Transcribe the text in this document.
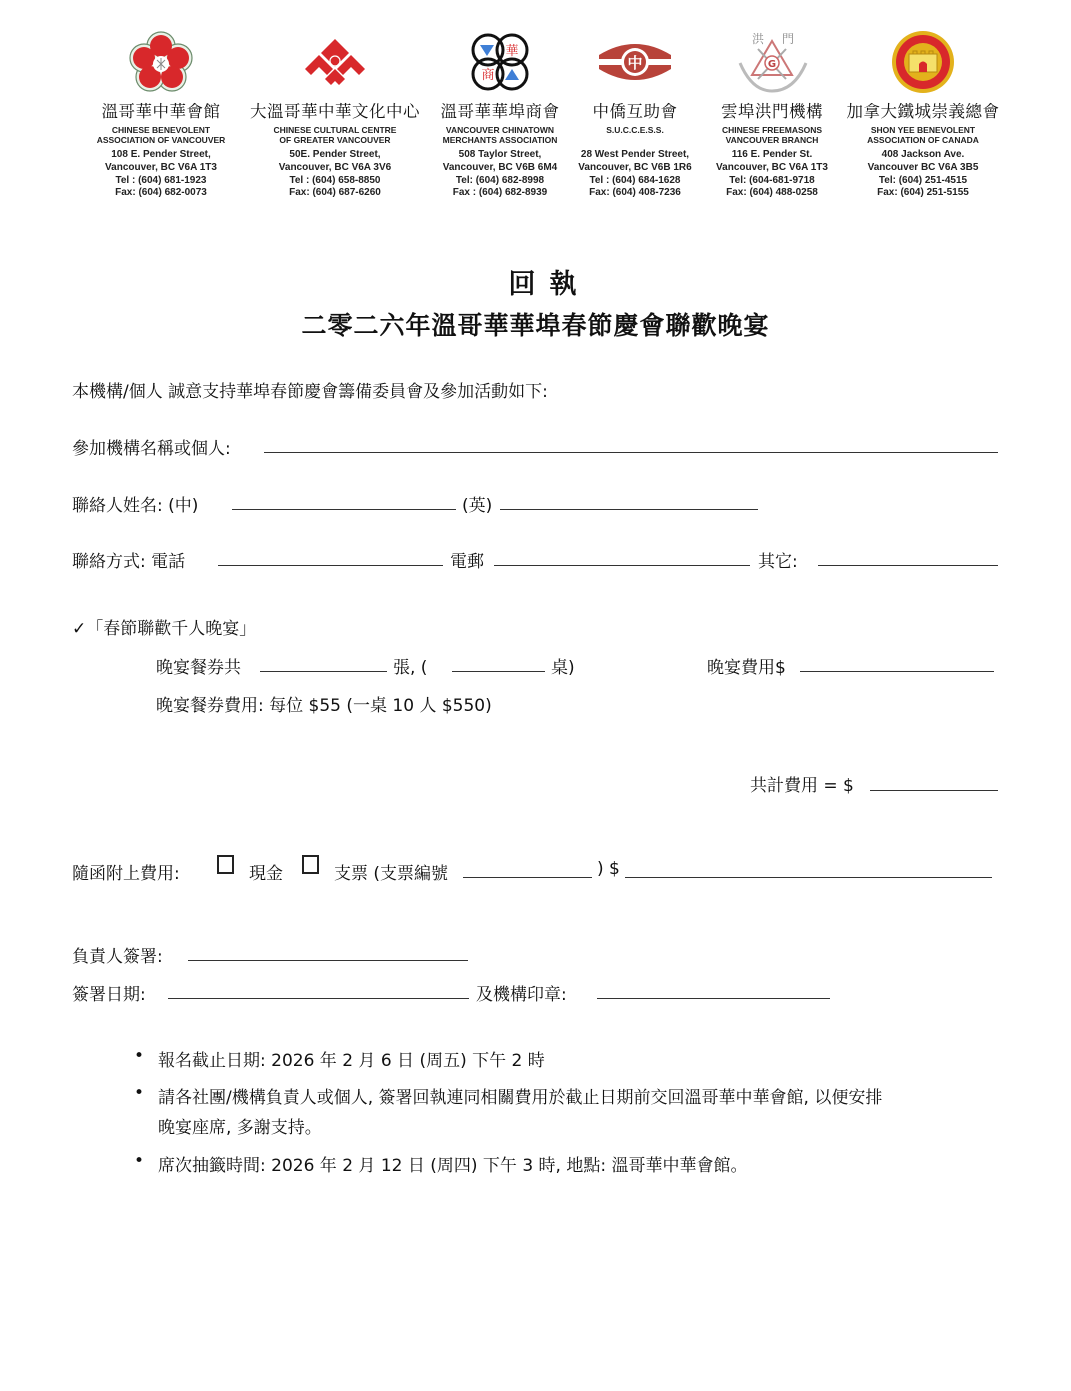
溫哥華中華會館
CHINESE BENEVOLENT
ASSOCIATION OF VANCOUVER
108 E. Pender Street,
Vancouver, BC V6A 1T3
Tel : (604) 681-1923
Fax: (604) 682-0073
大溫哥華中華文化中心
CHINESE CULTURAL CENTRE
OF GREATER VANCOUVER
50E. Pender Street,
Vancouver, BC V6A 3V6
Tel : (604) 658-8850
Fax: (604) 687-6260
華
商
溫哥華華埠商會
VANCOUVER CHINATOWN
MERCHANTS ASSOCIATION
508 Taylor Street,
Vancouver, BC V6B 6M4
Tel: (604) 682-8998
Fax : (604) 682-8939
中
中僑互助會
S.U.C.C.E.S.S.
28 West Pender Street,
Vancouver, BC V6B 1R6
Tel : (604) 684-1628
Fax: (604) 408-7236
洪 門
G
雲埠洪門機構
CHINESE FREEMASONS
VANCOUVER BRANCH
116 E. Pender St.
Vancouver, BC V6A 1T3
Tel: (604-681-9718
Fax: (604) 488-0258
加拿大鐵城崇義總會
SHON YEE BENEVOLENT
ASSOCIATION OF CANADA
408 Jackson Ave.
Vancouver BC V6A 3B5
Tel: (604) 251-4515
Fax: (604) 251-5155
回執
二零二六年溫哥華華埠春節慶會聯歡晚宴
本機構/個人 誠意支持華埠春節慶會籌備委員會及參加活動如下:
參加機構名稱或個人:
聯絡人姓名: (中)	(英)
聯絡方式: 電話	電郵	其它:
✓「春節聯歡千人晚宴」
晚宴餐券共	張, (	桌)	晚宴費用$
晚宴餐券費用: 每位 $55 (一桌 10 人 $550)
共計費用 = $
隨函附上費用:	現金	支票 (支票編號	) $
負責人簽署:
簽署日期:	及機構印章:
• 報名截止日期: 2026 年 2 月 6 日 (周五) 下午 2 時
• 請各社團/機構負責人或個人, 簽署回執連同相關費用於截止日期前交回溫哥華中華會館, 以便安排
晚宴座席, 多謝支持。
• 席次抽籤時間: 2026 年 2 月 12 日 (周四) 下午 3 時, 地點: 溫哥華中華會館。
